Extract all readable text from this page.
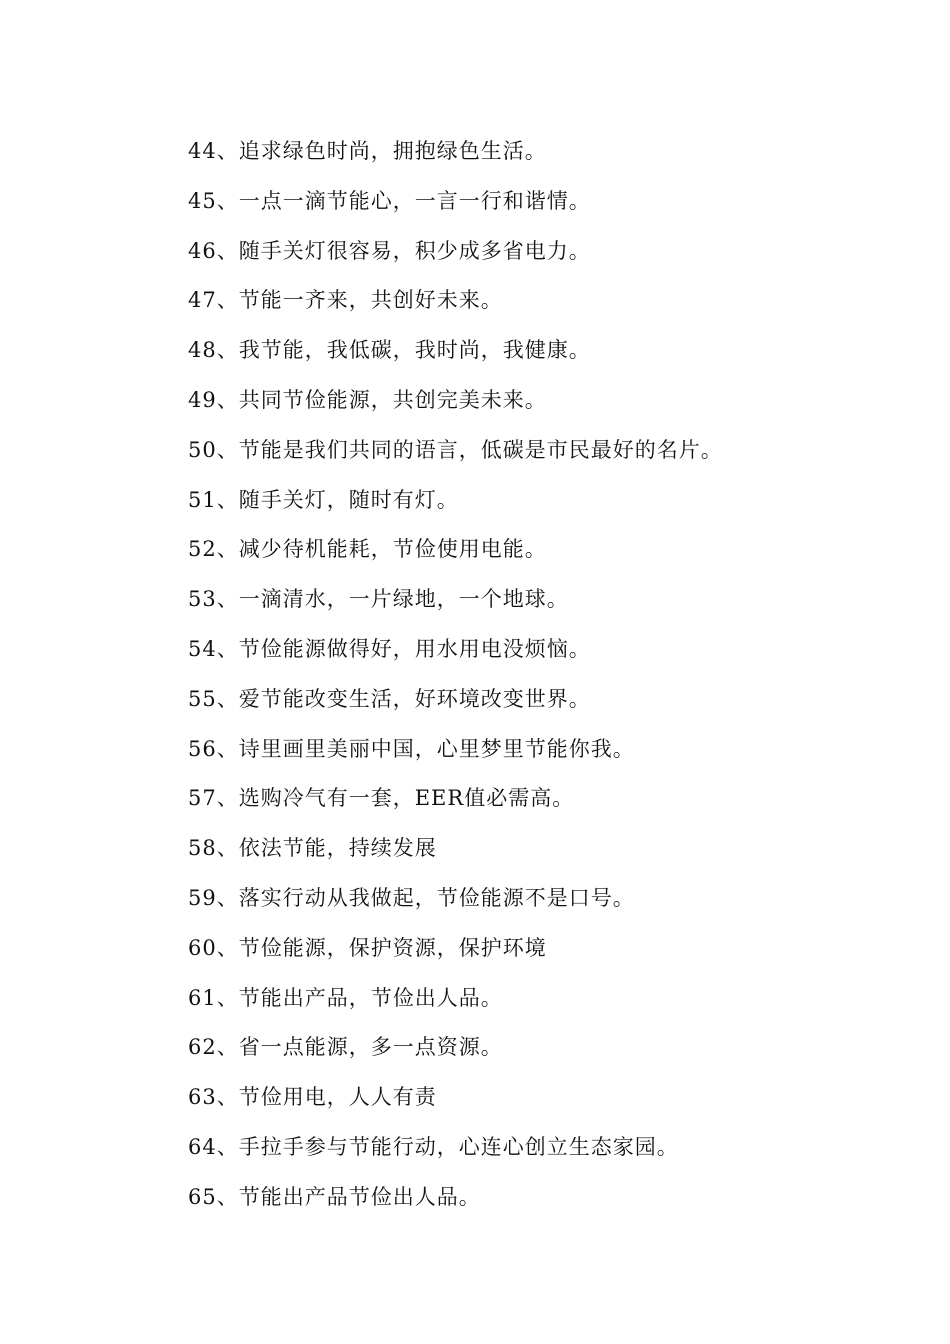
44、追求绿色时尚，拥抱绿色生活。
45、一点一滴节能心，一言一行和谐情。
46、随手关灯很容易，积少成多省电力。
47、节能一齐来，共创好未来。
48、我节能，我低碳，我时尚，我健康。
49、共同节俭能源，共创完美未来。
50、节能是我们共同的语言，低碳是市民最好的名片。
51、随手关灯，随时有灯。
52、减少待机能耗，节俭使用电能。
53、一滴清水，一片绿地，一个地球。
54、节俭能源做得好，用水用电没烦恼。
55、爱节能改变生活，好环境改变世界。
56、诗里画里美丽中国，心里梦里节能你我。
57、选购冷气有一套，EER值必需高。
58、依法节能，持续发展
59、落实行动从我做起，节俭能源不是口号。
60、节俭能源，保护资源，保护环境
61、节能出产品，节俭出人品。
62、省一点能源，多一点资源。
63、节俭用电，人人有责
64、手拉手参与节能行动，心连心创立生态家园。
65、节能出产品节俭出人品。
